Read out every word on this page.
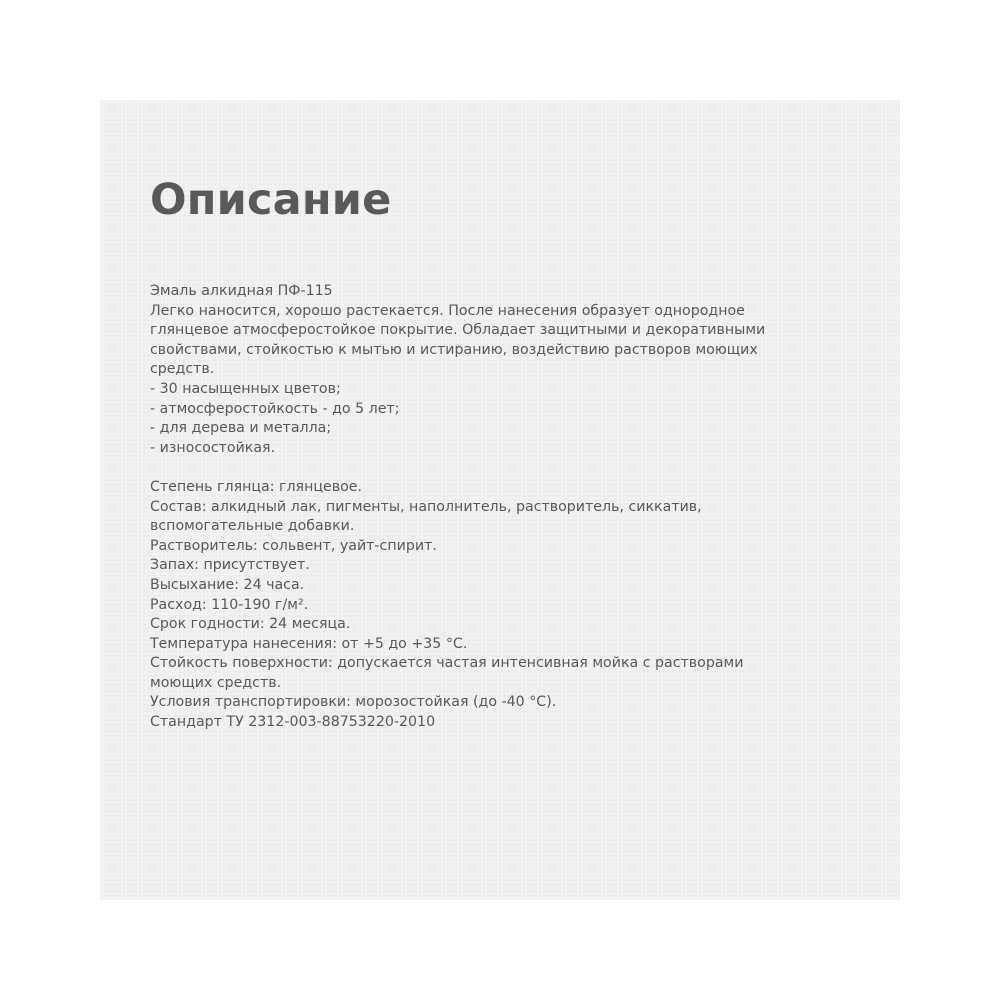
Описание
Эмаль алкидная ПФ-115
Легко наносится, хорошо растекается. После нанесения образует однородное
глянцевое атмосферостойкое покрытие. Обладает защитными и декоративными
свойствами, стойкостью к мытью и истиранию, воздействию растворов моющих
средств.
- 30 насыщенных цветов;
- атмосферостойкость - до 5 лет;
- для дерева и металла;
- износостойкая.
Степень глянца: глянцевое.
Состав: алкидный лак, пигменты, наполнитель, растворитель, сиккатив,
вспомогательные добавки.
Растворитель: сольвент, уайт-спирит.
Запах: присутствует.
Высыхание: 24 часа.
Расход: 110-190 г/м².
Срок годности: 24 месяца.
Температура нанесения: от +5 до +35 °С.
Стойкость поверхности: допускается частая интенсивная мойка с растворами
моющих средств.
Условия транспортировки: морозостойкая (до -40 °С).
Стандарт ТУ 2312-003-88753220-2010
